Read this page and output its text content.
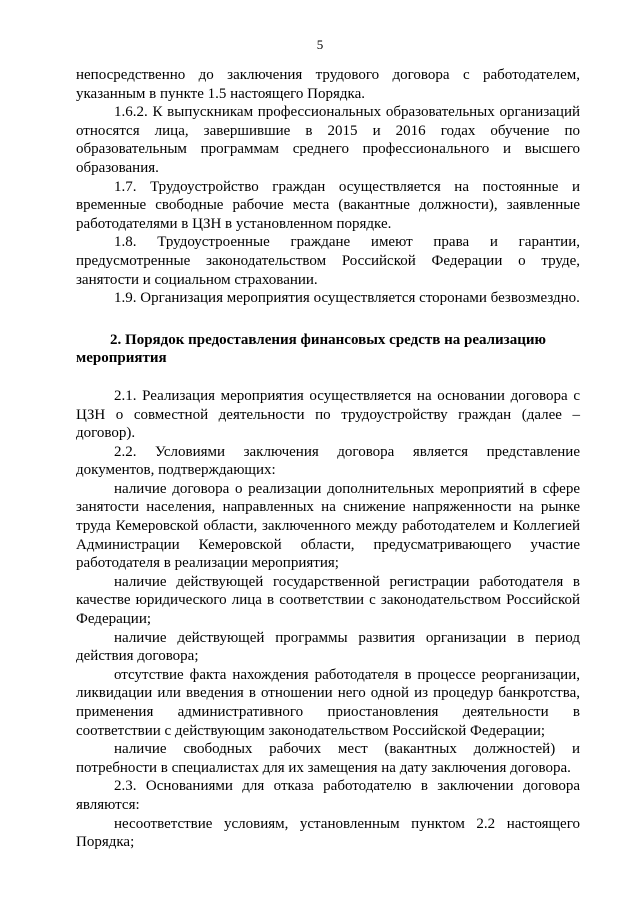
5

непосредственно до заключения трудового договора с работодателем, указанным в пункте 1.5 настоящего Порядка.

1.6.2. К выпускникам профессиональных образовательных организаций относятся лица, завершившие в 2015 и 2016 годах обучение по образовательным программам среднего профессионального и высшего образования.

1.7. Трудоустройство граждан осуществляется на постоянные и временные свободные рабочие места (вакантные должности), заявленные работодателями в ЦЗН в установленном порядке.

1.8. Трудоустроенные граждане имеют права и гарантии, предусмотренные законодательством Российской Федерации о труде, занятости и социальном страховании.

1.9. Организация мероприятия осуществляется сторонами безвозмездно.

2. Порядок предоставления финансовых средств на реализацию мероприятия

2.1. Реализация мероприятия осуществляется на основании договора с ЦЗН о совместной деятельности по трудоустройству граждан (далее – договор).

2.2. Условиями заключения договора является представление документов, подтверждающих:

наличие договора о реализации дополнительных мероприятий в сфере занятости населения, направленных на снижение напряженности на рынке труда Кемеровской области, заключенного между работодателем и Коллегией Администрации Кемеровской области, предусматривающего участие работодателя в реализации мероприятия;

наличие действующей государственной регистрации работодателя в качестве юридического лица в соответствии с законодательством Российской Федерации;

наличие действующей программы развития организации в период действия договора;

отсутствие факта нахождения работодателя в процессе реорганизации, ликвидации или введения в отношении него одной из процедур банкротства, применения административного приостановления деятельности в соответствии с действующим законодательством Российской Федерации;

наличие свободных рабочих мест (вакантных должностей) и потребности в специалистах для их замещения на дату заключения договора.

2.3. Основаниями для отказа работодателю в заключении договора являются:

несоответствие условиям, установленным пунктом 2.2 настоящего Порядка;
